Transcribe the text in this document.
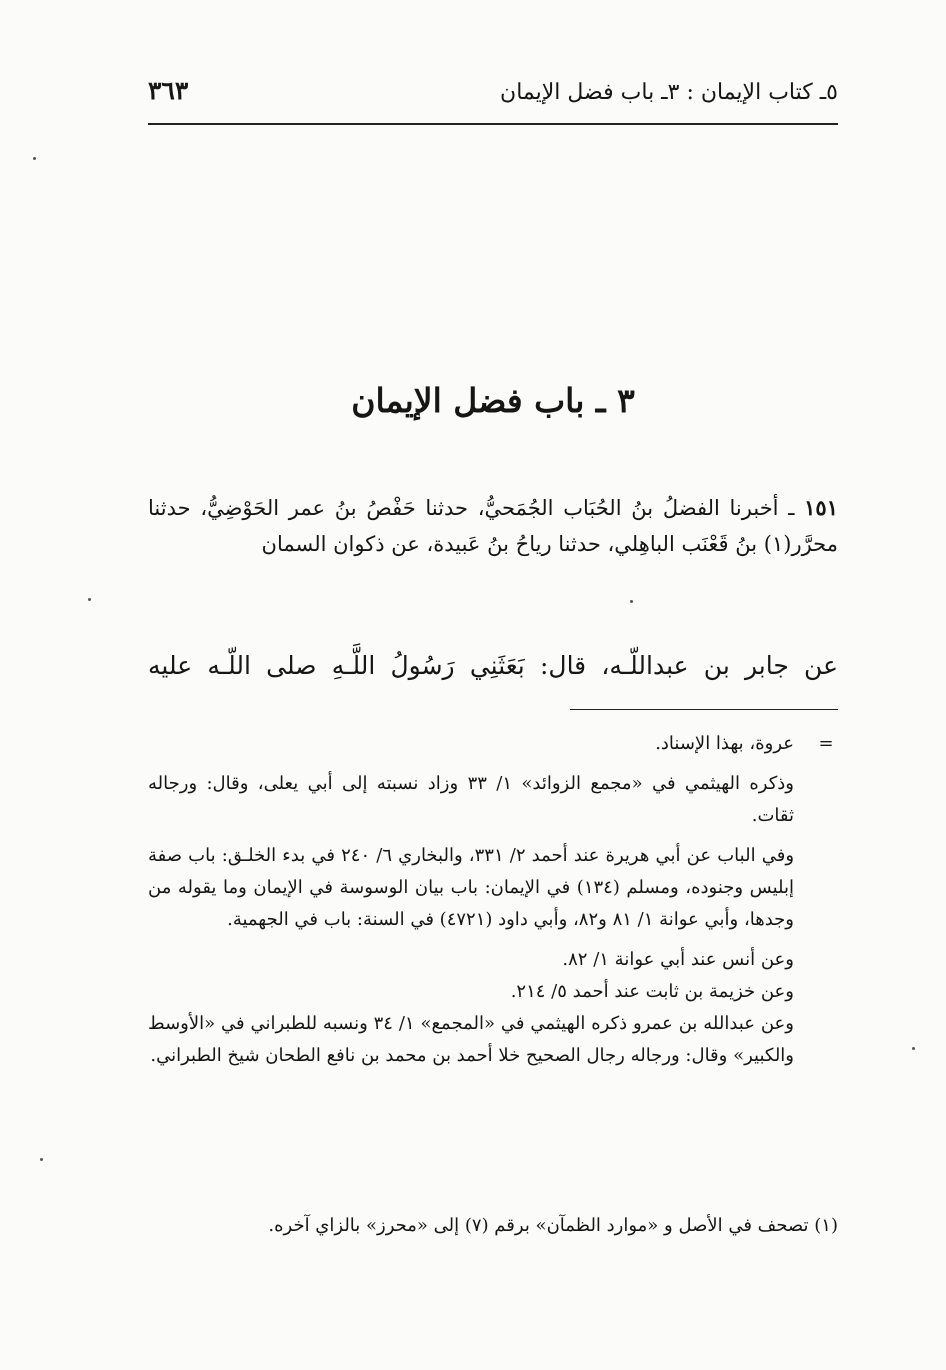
٥ـ كتاب الإيمان : ٣ـ باب فضل الإيمان
٣٦٣
٣ ـ باب فضل الإيمان
١٥١ ـ أخبرنا الفضلُ بنُ الحُبَاب الجُمَحيُّ، حدثنا حَفْصُ بنُ عمر الحَوْضِيُّ، حدثنا محرَّر(١) بنُ قَعْنَب الباهِلي، حدثنا رياحُ بنُ عَبيدة، عن ذكوان السمان
عن جابر بن عبداللّـه، قال: بَعَثَنِي رَسُولُ اللَّـهِ صلى اللّـه عليه
=
عروة، بهذا الإسناد.
وذكره الهيثمي في «مجمع الزوائد» ١/ ٣٣ وزاد نسبته إلى أبي يعلى، وقال: ورجاله ثقات.
وفي الباب عن أبي هريرة عند أحمد ٢/ ٣٣١، والبخاري ٦/ ٢٤٠ في بدء الخلـق: باب صفة إبليس وجنوده، ومسلم (١٣٤) في الإيمان: باب بيان الوسوسة في الإيمان وما يقوله من وجدها، وأبي عوانة ١/ ٨١ و٨٢، وأبي داود (٤٧٢١) في السنة: باب في الجهمية.
وعن أنس عند أبي عوانة ١/ ٨٢.
وعن خزيمة بن ثابت عند أحمد ٥/ ٢١٤.
وعن عبدالله بن عمرو ذكره الهيثمي في «المجمع» ١/ ٣٤ ونسبه للطبراني في «الأوسط والكبير» وقال: ورجاله رجال الصحيح خلا أحمد بن محمد بن نافع الطحان شيخ الطبراني.
(١) تصحف في الأصل و «موارد الظمآن» برقم (٧) إلى «محرز» بالزاي آخره.
